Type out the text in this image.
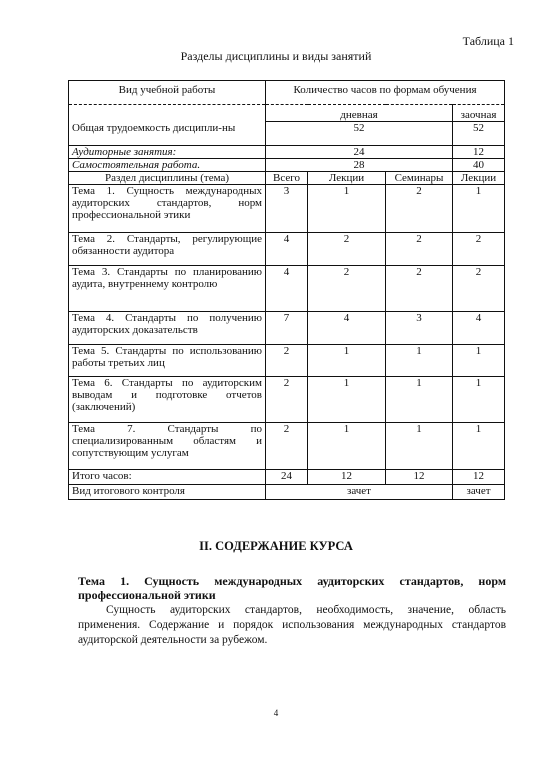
Таблица 1
Разделы дисциплины и виды занятий
Вид учебной работы	Количество часов по формам обучения			
	дневная			заочная
Общая трудоемкость дисципли-ны	52			52
Аудиторные занятия:	24			12
Самостоятельная работа.	28			40
Раздел дисциплины (тема)	Всего	Лекции	Семинары	Лекции
Тема 1. Сущность международных аудиторских стандартов, норм профессиональной этики	3	1	2	1
Тема 2. Стандарты, регулирующие обязанности аудитора	4	2	2	2
Тема 3. Стандарты по планированию аудита, внутреннему контролю	4	2	2	2
Тема 4. Стандарты по получению аудиторских доказательств	7	4	3	4
Тема 5. Стандарты по использованию работы третьих лиц	2	1	1	1
Тема 6. Стандарты по аудиторским выводам и подготовке отчетов (заключений)	2	1	1	1
Тема 7. Стандарты по специализированным областям и сопутствующим услугам	2	1	1	1
Итого часов:	24	12	12	12
Вид итогового контроля	зачет			зачет
II. СОДЕРЖАНИЕ КУРСА
Тема 1. Сущность международных аудиторских стандартов, норм профессиональной этики
Сущность аудиторских стандартов, необходимость, значение, область применения. Содержание и порядок использования международных стандартов аудиторской деятельности за рубежом.
4
